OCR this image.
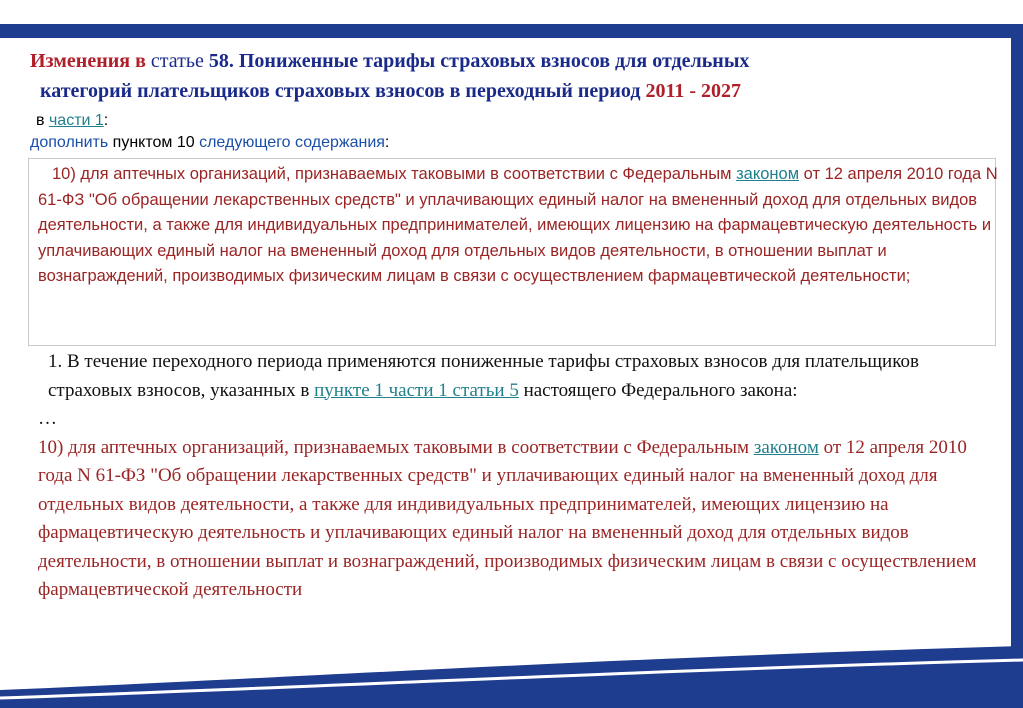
Изменения в статье 58. Пониженные тарифы страховых взносов для отдельных
категорий плательщиков страховых взносов в переходный период 2011 - 2027
в части 1:
дополнить пунктом 10 следующего содержания:
10) для аптечных организаций, признаваемых таковыми в соответствии с Федеральным законом от 12 апреля 2010 года N 61-ФЗ "Об обращении лекарственных средств" и уплачивающих единый налог на вмененный доход для отдельных видов деятельности, а также для индивидуальных предпринимателей, имеющих лицензию на фармацевтическую деятельность и уплачивающих единый налог на вмененный доход для отдельных видов деятельности, в отношении выплат и вознаграждений, производимых физическим лицам в связи с осуществлением фармацевтической деятельности;
1. В течение переходного периода применяются пониженные тарифы страховых взносов для плательщиков страховых взносов, указанных в пункте 1 части 1 статьи 5 настоящего Федерального закона:
…
10) для аптечных организаций, признаваемых таковыми в соответствии с Федеральным законом от 12 апреля 2010 года N 61-ФЗ "Об обращении лекарственных средств" и уплачивающих единый налог на вмененный доход для отдельных видов деятельности, а также для индивидуальных предпринимателей, имеющих лицензию на фармацевтическую деятельность и уплачивающих единый налог на вмененный доход для отдельных видов деятельности, в отношении выплат и вознаграждений, производимых физическим лицам в связи с осуществлением фармацевтической деятельности
